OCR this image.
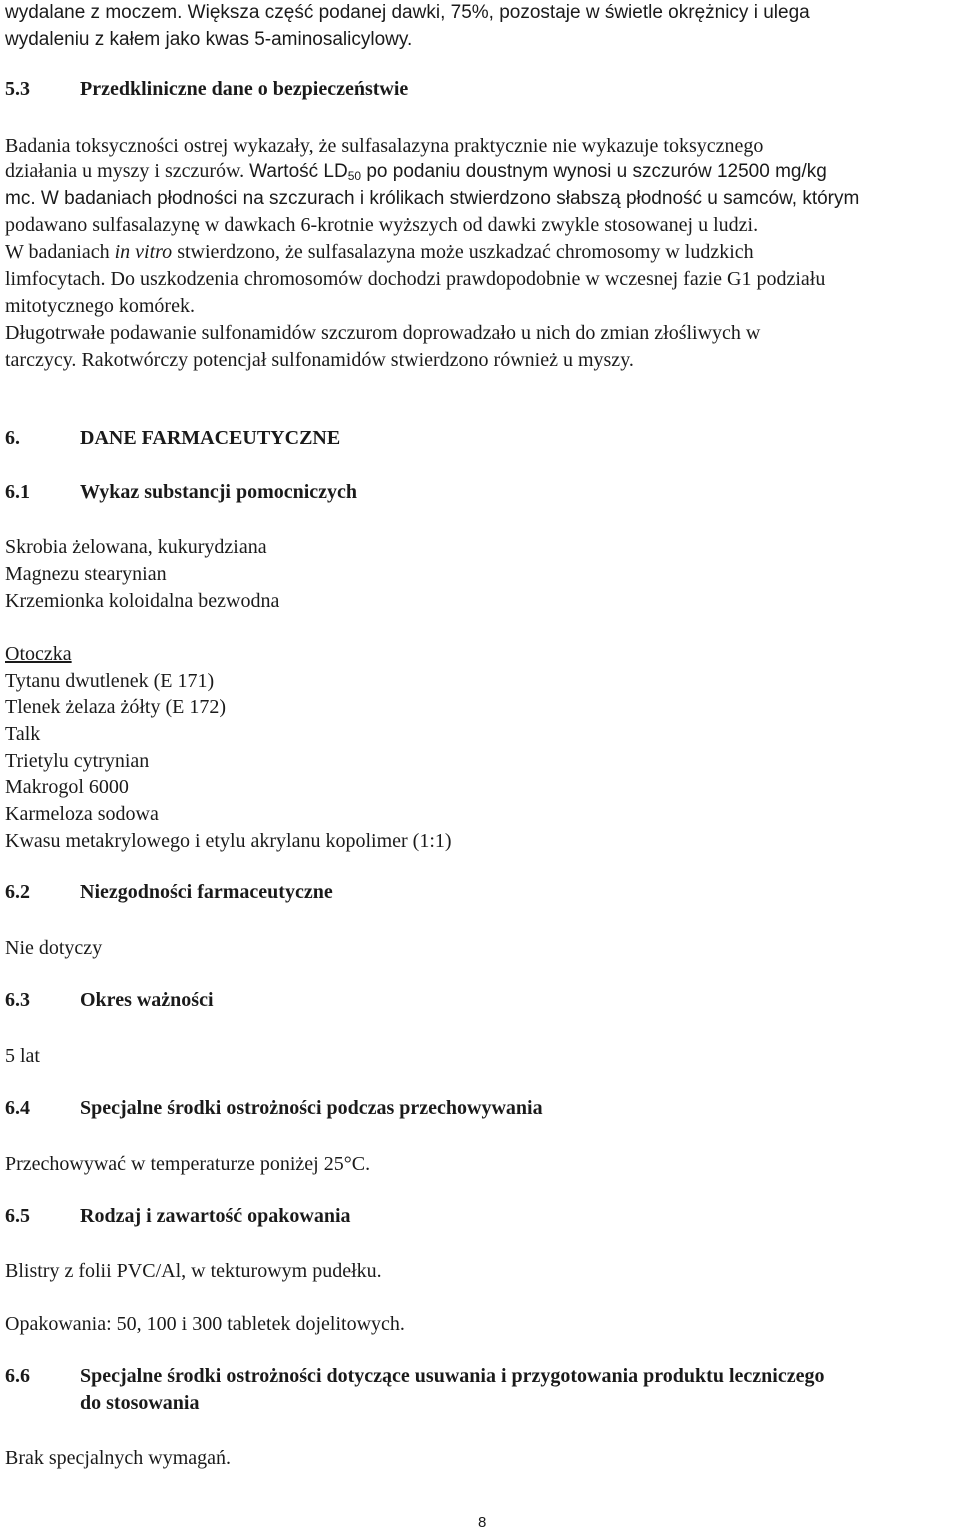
wydalane z moczem. Większa część podanej dawki, 75%, pozostaje w świetle okrężnicy i ulega
wydaleniu z kałem jako kwas 5-aminosalicylowy.
5.3	Przedkliniczne dane o bezpieczeństwie
Badania toksyczności ostrej wykazały, że sulfasalazyna praktycznie nie wykazuje toksycznego
działania u myszy i szczurów. Wartość $LD_{50}$ po podaniu doustnym wynosi u szczurów 12500 mg/kg
mc. W badaniach płodności na szczurach i królikach stwierdzono słabszą płodność u samców, którym
podawano sulfasalazynę w dawkach 6-krotnie wyższych od dawki zwykle stosowanej u ludzi.
W badaniach in vitro stwierdzono, że sulfasalazyna może uszkadzać chromosomy w ludzkich
limfocytach. Do uszkodzenia chromosomów dochodzi prawdopodobnie w wczesnej fazie G1 podziału
mitotycznego komórek.
Długotrwałe podawanie sulfonamidów szczurom doprowadzało u nich do zmian złośliwych w
tarczycy. Rakotwórczy potencjał sulfonamidów stwierdzono również u myszy.
6.	DANE FARMACEUTYCZNE
6.1	Wykaz substancji pomocniczych
Skrobia żelowana, kukurydziana
Magnezu stearynian
Krzemionka koloidalna bezwodna
Otoczka
Tytanu dwutlenek (E 171)
Tlenek żelaza żółty (E 172)
Talk
Trietylu cytrynian
Makrogol 6000
Karmeloza sodowa
Kwasu metakrylowego i etylu akrylanu kopolimer (1:1)
6.2	Niezgodności farmaceutyczne
Nie dotyczy
6.3	Okres ważności
5 lat
6.4	Specjalne środki ostrożności podczas przechowywania
Przechowywać w temperaturze poniżej 25°C.
6.5	Rodzaj i zawartość opakowania
Blistry z folii PVC/Al, w tekturowym pudełku.
Opakowania: 50, 100 i 300 tabletek dojelitowych.
6.6	Specjalne środki ostrożności dotyczące usuwania i przygotowania produktu leczniczego
do stosowania
Brak specjalnych wymagań.
8
